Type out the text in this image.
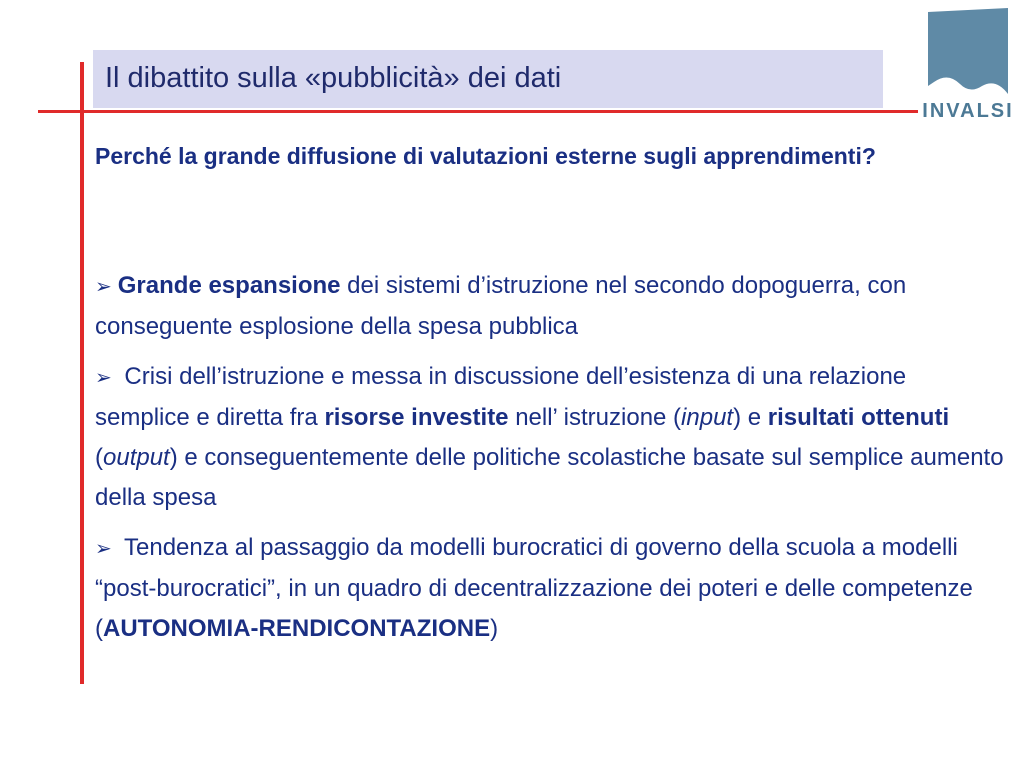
Il dibattito sulla «pubblicità» dei dati
INVALSI
Perché la grande diffusione di valutazioni esterne sugli apprendimenti?
➢ Grande espansione dei sistemi d’istruzione nel secondo dopoguerra, con conseguente esplosione della spesa pubblica
➢ Crisi dell’istruzione e messa in discussione dell’esistenza di una relazione semplice e diretta fra risorse investite nell’ istruzione (input) e risultati ottenuti (output) e conseguentemente delle politiche scolastiche basate sul semplice aumento della spesa
➢ Tendenza al passaggio da modelli burocratici di governo della scuola a modelli “post-burocratici”, in un quadro di decentralizzazione dei poteri e delle competenze (AUTONOMIA-RENDICONTAZIONE)
